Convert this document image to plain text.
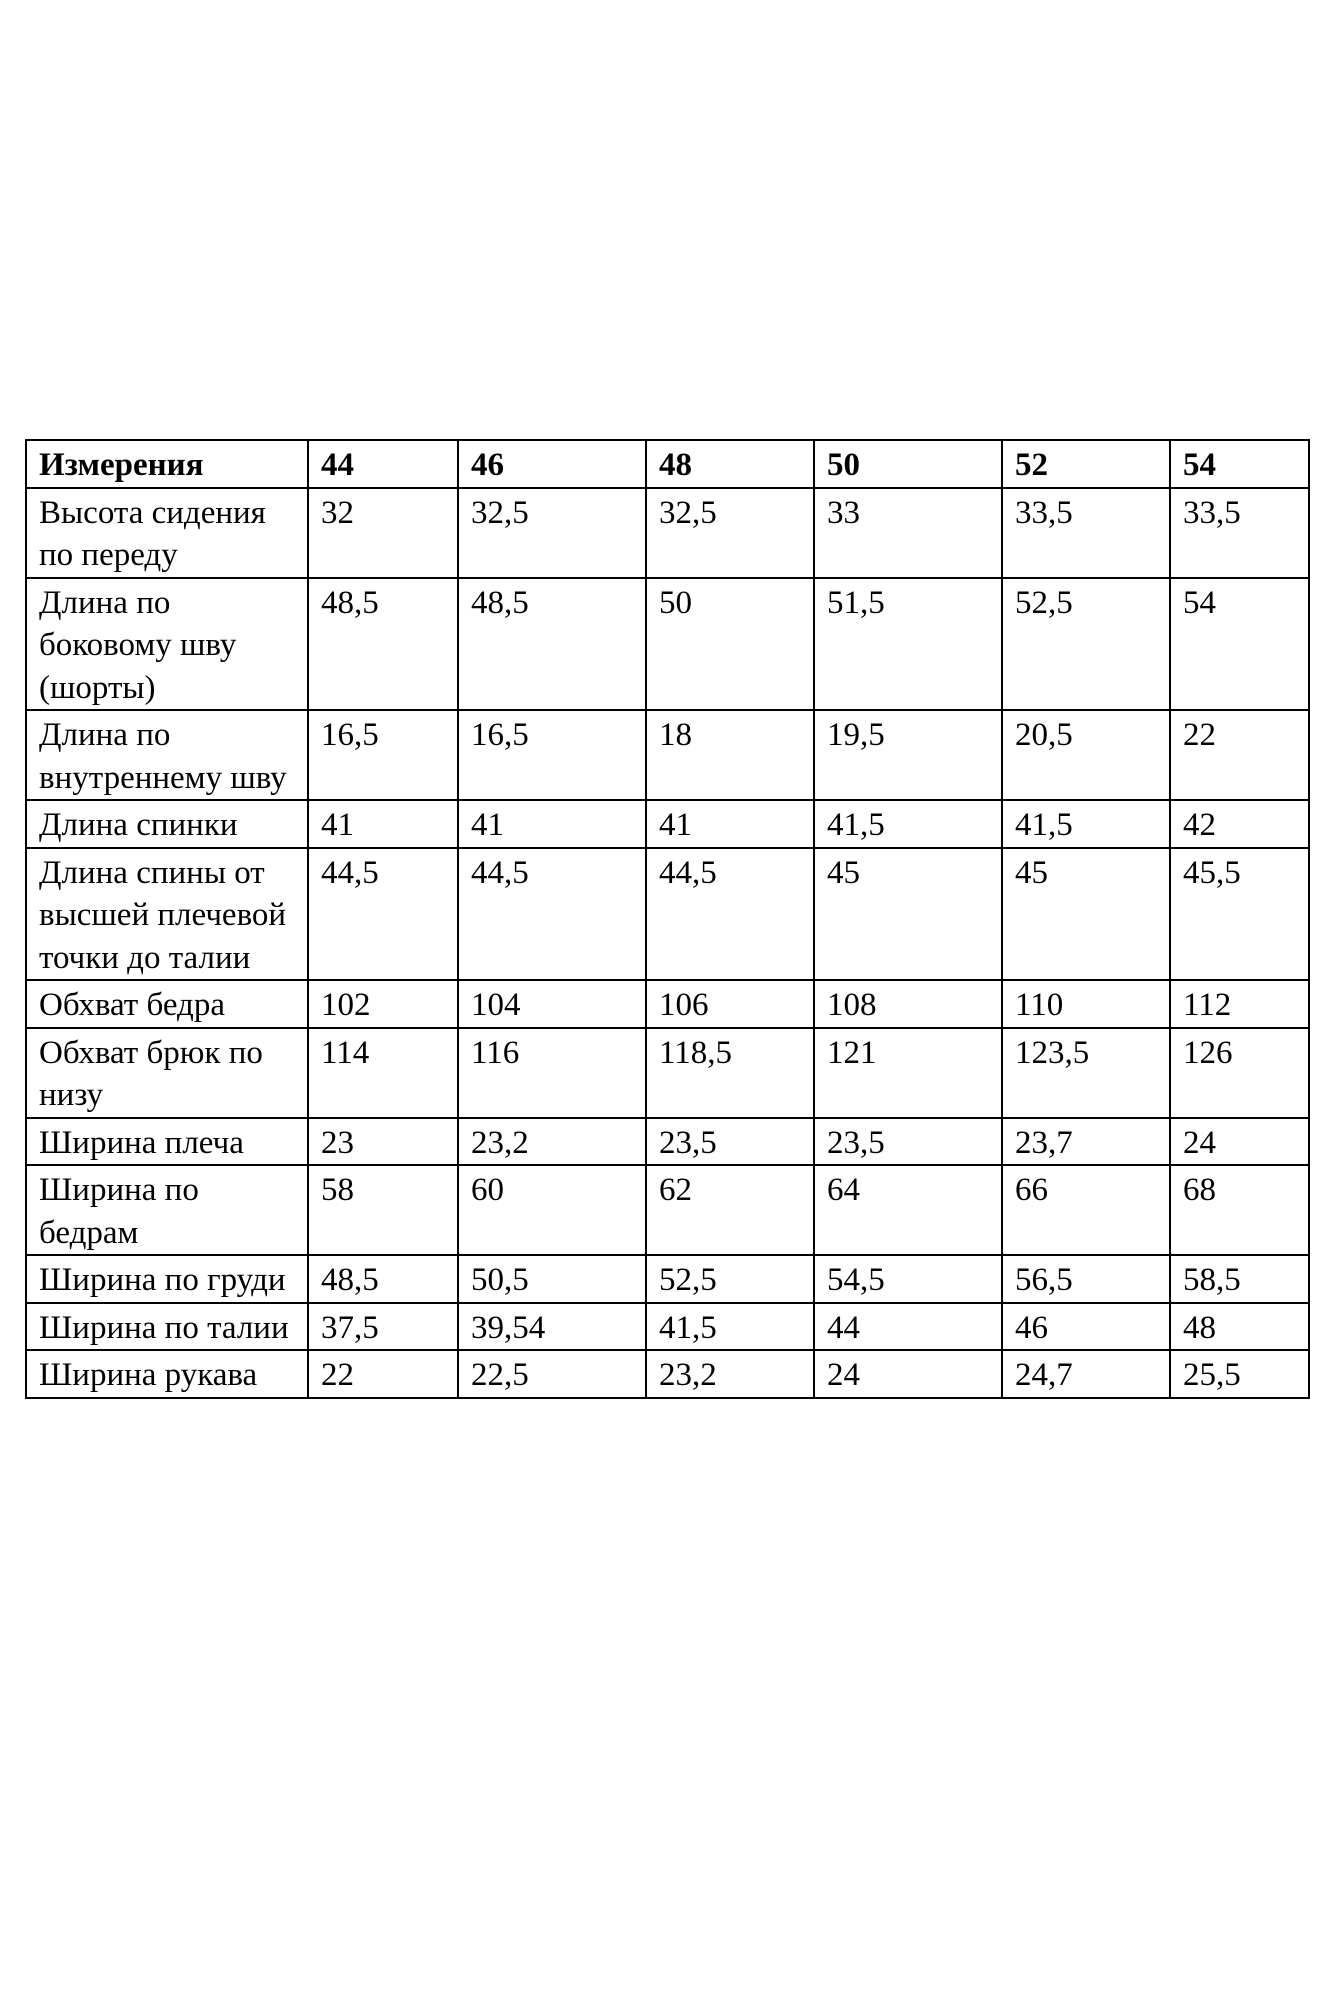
Измерения	44	46	48	50	52	54
Высота сидения по переду	32	32,5	32,5	33	33,5	33,5
Длина по боковому шву (шорты)	48,5	48,5	50	51,5	52,5	54
Длина по внутреннему шву	16,5	16,5	18	19,5	20,5	22
Длина спинки	41	41	41	41,5	41,5	42
Длина спины от высшей плечевой точки до талии	44,5	44,5	44,5	45	45	45,5
Обхват бедра	102	104	106	108	110	112
Обхват брюк по низу	114	116	118,5	121	123,5	126
Ширина плеча	23	23,2	23,5	23,5	23,7	24
Ширина по бедрам	58	60	62	64	66	68
Ширина по груди	48,5	50,5	52,5	54,5	56,5	58,5
Ширина по талии	37,5	39,54	41,5	44	46	48
Ширина рукава	22	22,5	23,2	24	24,7	25,5
